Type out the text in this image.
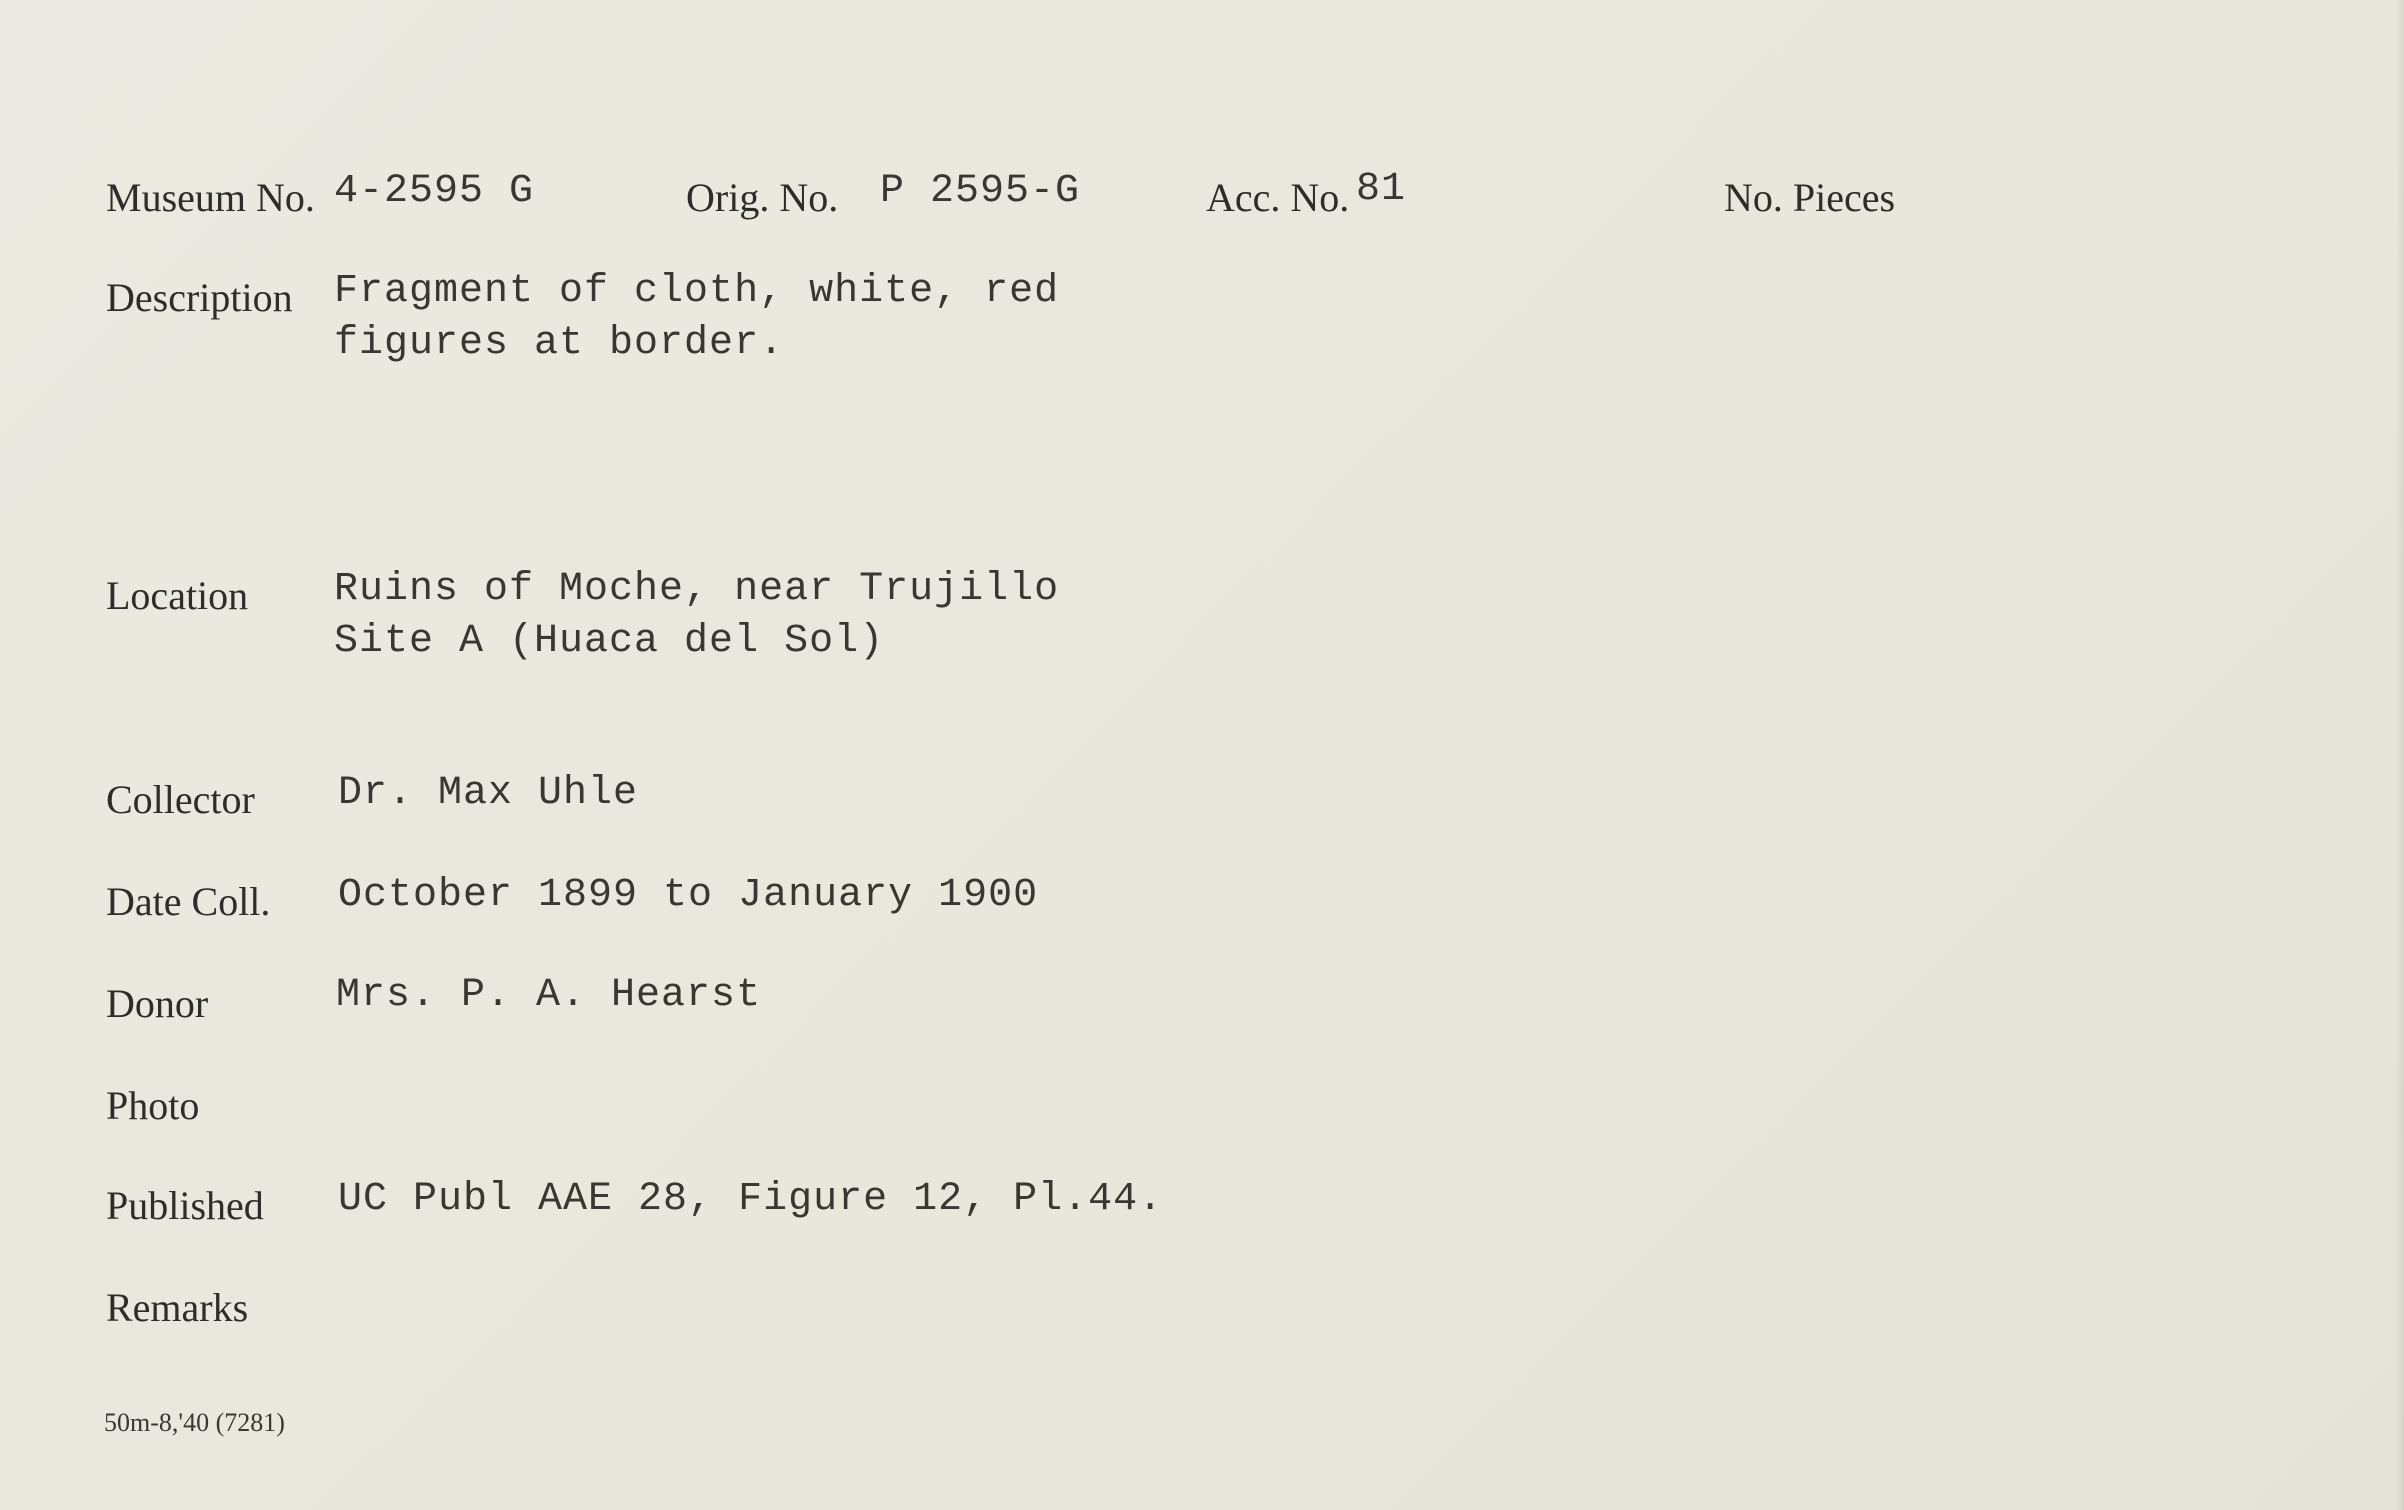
Museum No. 4-2595 G	Orig. No. P 2595-G	Acc. No. 81	No. Pieces
Description Fragment of cloth, white, red
figures at border.
Location Ruins of Moche, near Trujillo
Site A (Huaca del Sol)
Collector Dr. Max Uhle
Date Coll. October 1899 to January 1900
Donor	Mrs. P. A. Hearst
Photo
Published UC Publ AAE 28, Figure 12, Pl.44.
Remarks
50m-8,'40 (7281)
